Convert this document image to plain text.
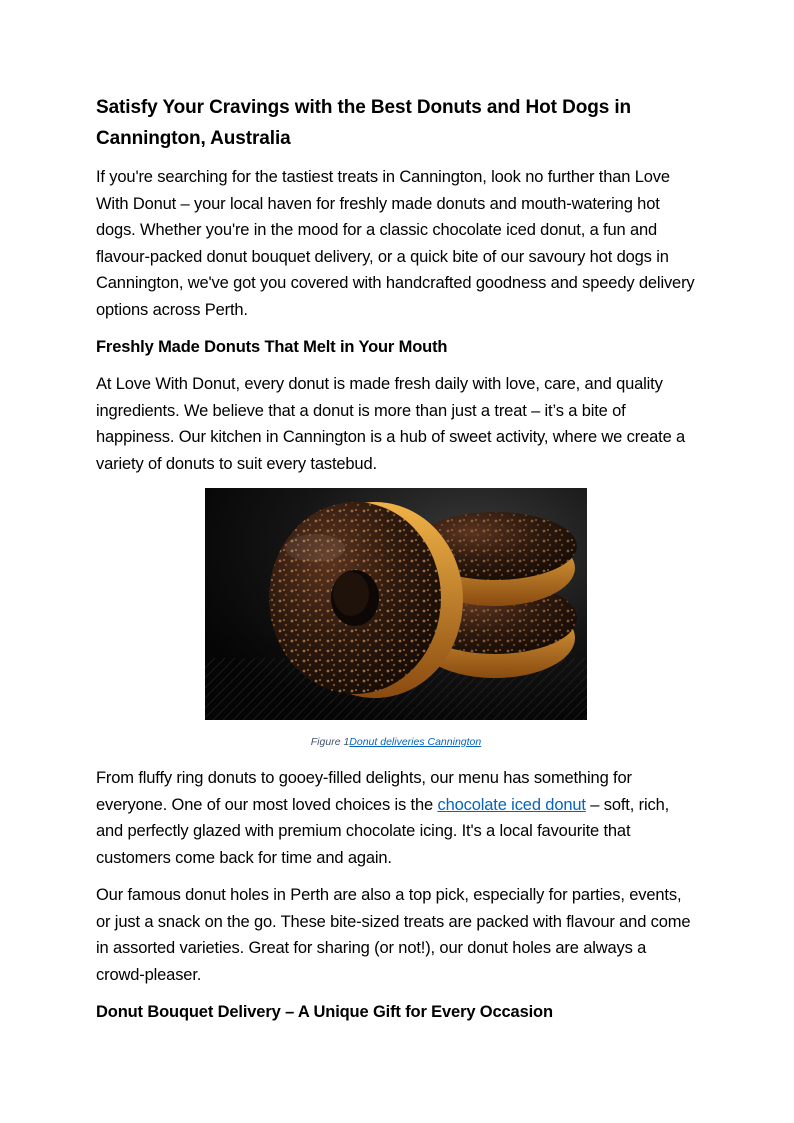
Satisfy Your Cravings with the Best Donuts and Hot Dogs in Cannington, Australia

If you're searching for the tastiest treats in Cannington, look no further than Love With Donut – your local haven for freshly made donuts and mouth-watering hot dogs. Whether you're in the mood for a classic chocolate iced donut, a fun and flavour-packed donut bouquet delivery, or a quick bite of our savoury hot dogs in Cannington, we've got you covered with handcrafted goodness and speedy delivery options across Perth.

Freshly Made Donuts That Melt in Your Mouth

At Love With Donut, every donut is made fresh daily with love, care, and quality ingredients. We believe that a donut is more than just a treat – it’s a bite of happiness. Our kitchen in Cannington is a hub of sweet activity, where we create a variety of donuts to suit every tastebud.

Figure 1Donut deliveries Cannington

From fluffy ring donuts to gooey-filled delights, our menu has something for everyone. One of our most loved choices is the chocolate iced donut – soft, rich, and perfectly glazed with premium chocolate icing. It's a local favourite that customers come back for time and again.

Our famous donut holes in Perth are also a top pick, especially for parties, events, or just a snack on the go. These bite-sized treats are packed with flavour and come in assorted varieties. Great for sharing (or not!), our donut holes are always a crowd-pleaser.

Donut Bouquet Delivery – A Unique Gift for Every Occasion
